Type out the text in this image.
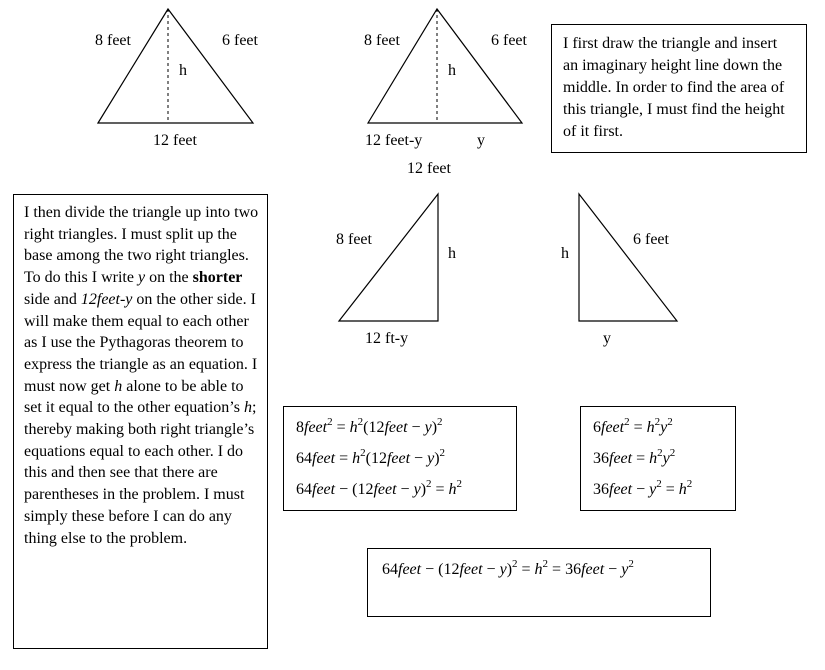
8 feet	6 feet
h
12 feet
8 feet	6 feet
h
12 feet-y	y
12 feet
8 feet
h
12 ft-y
6 feet
h
y
I first draw the triangle and insert an imaginary height line down the middle. In order to find the area of this triangle, I must find the height of it first.
I then divide the triangle up into two right triangles. I must split up the base among the two right triangles. To do this I write y on the shorter side and 12feet-y on the other side. I will make them equal to each other as I use the Pythagoras theorem to express the triangle as an equation. I must now get h alone to be able to set it equal to the other equation’s h; thereby making both right triangle’s equations equal to each other. I do this and then see that there are parentheses in the problem. I must simply these before I can do any thing else to the problem.
8feet$^2$ = $h^2(12feet - y)^2$
64feet = $h^2(12feet - y)^2$
64feet − (12feet − $y)^2 = h^2$
6feet$^2$ = $h^2y^2$
36feet = $h^2y^2$
36feet − $y^2 = h^2$
64feet − (12feet − $y)^2 = h^2$ = 36feet − $y^2$
